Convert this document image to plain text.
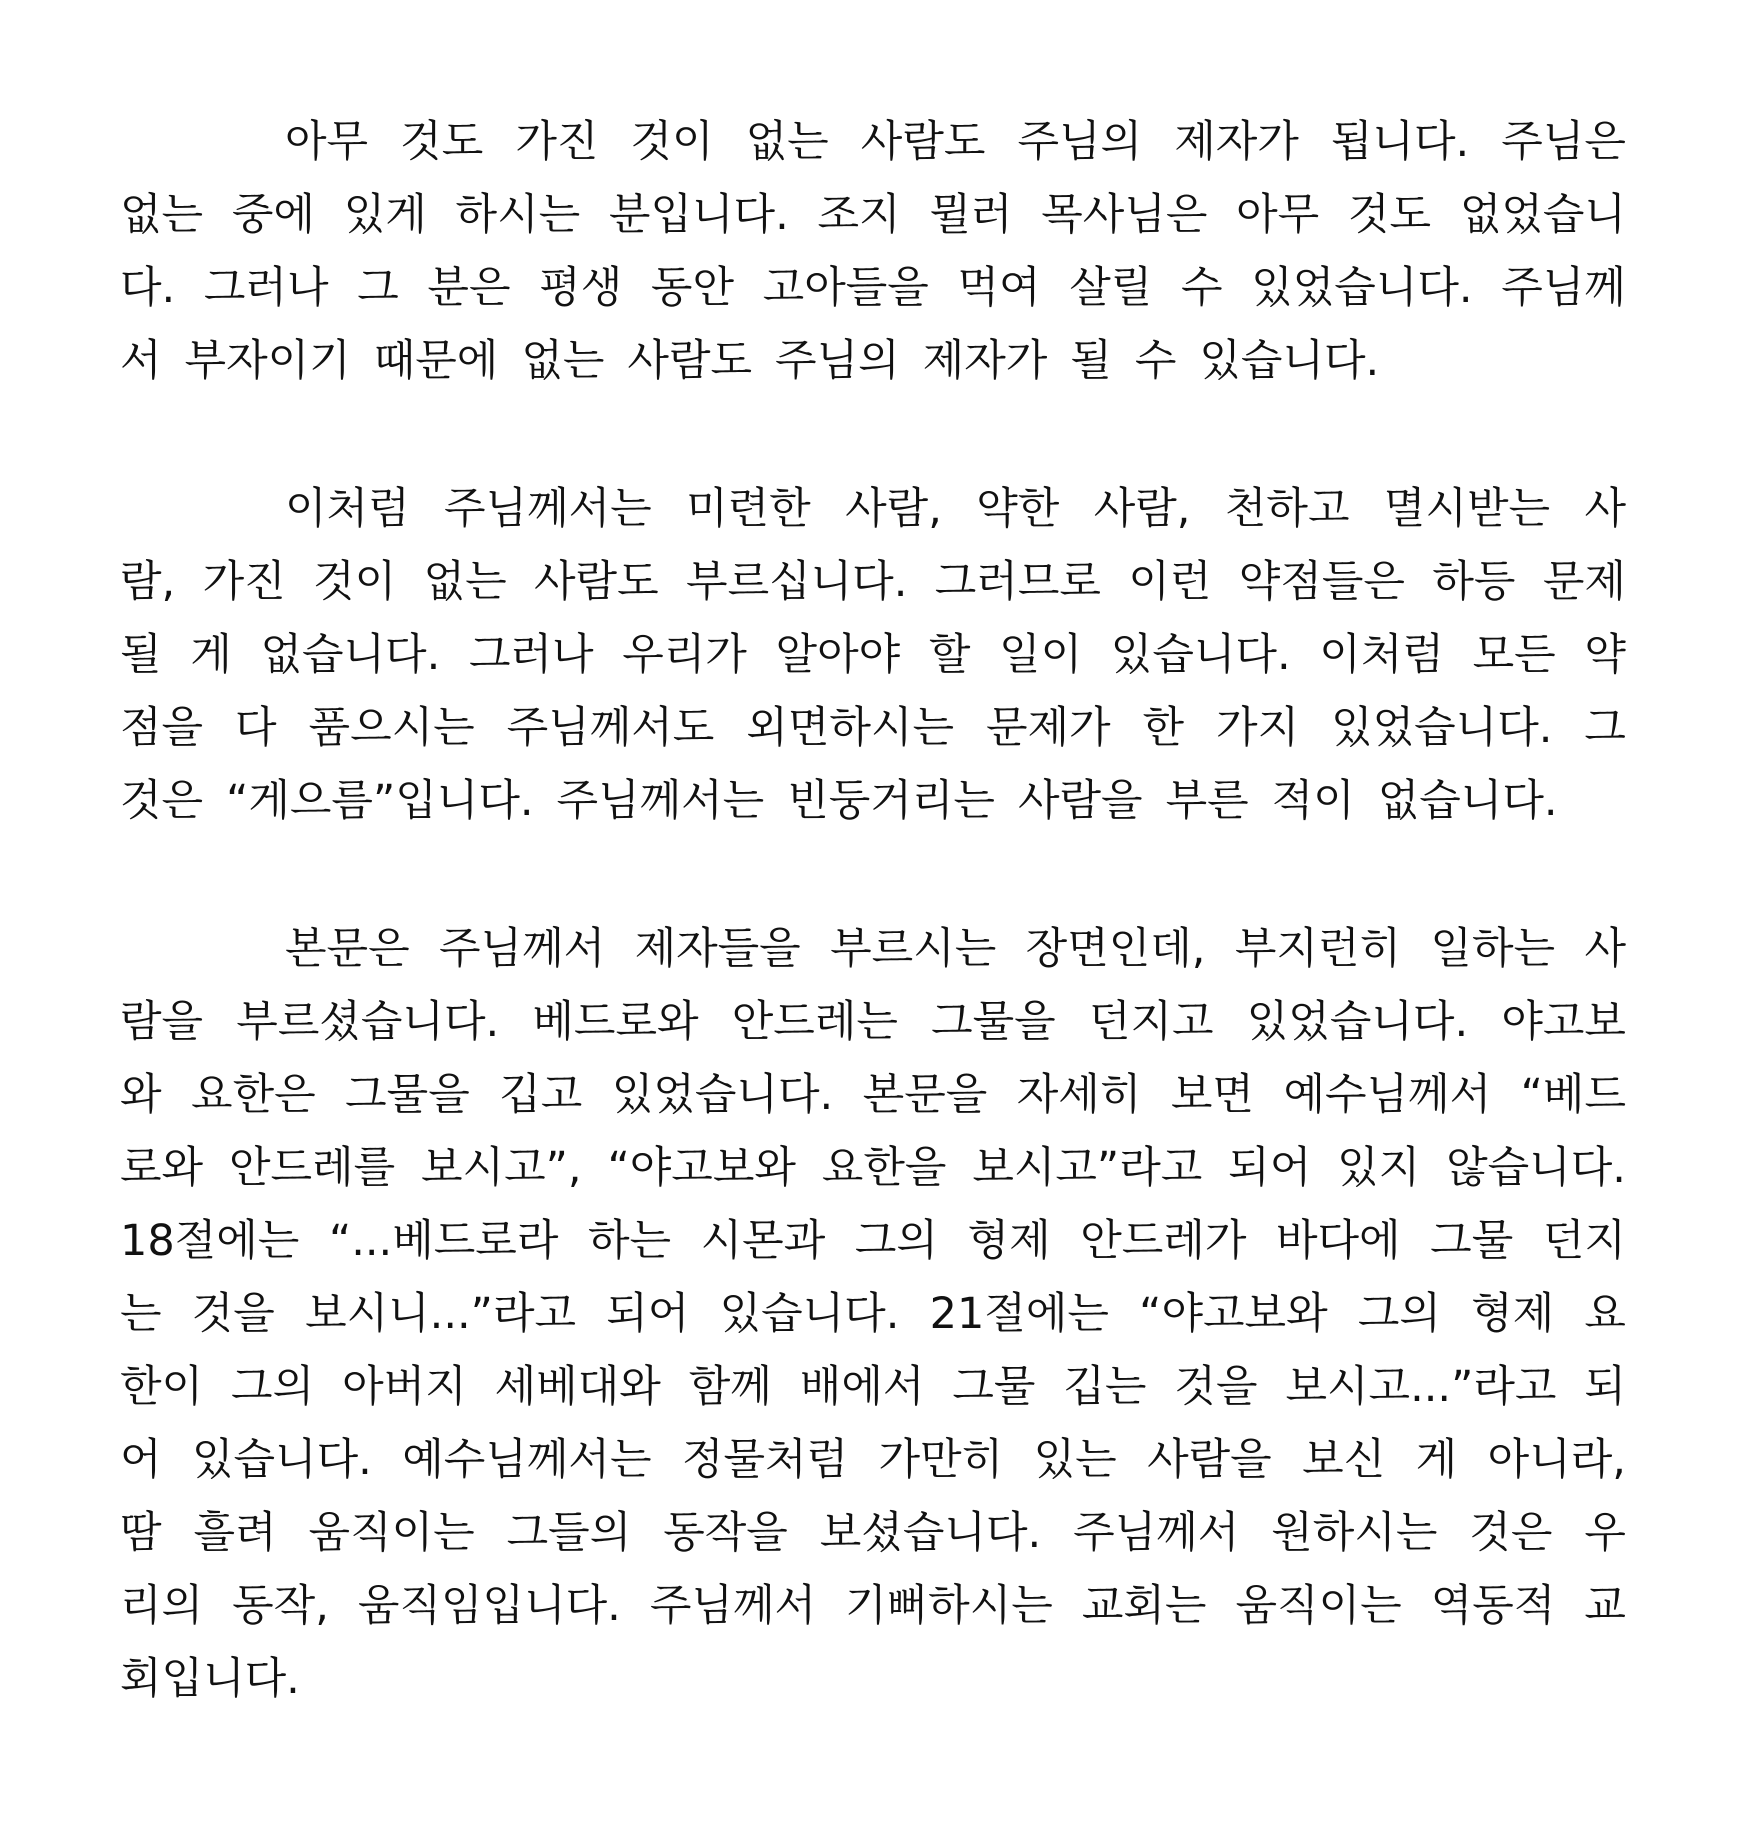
아무 것도 가진 것이 없는 사람도 주님의 제자가 됩니다. 주님은
없는 중에 있게 하시는 분입니다. 조지 뮐러 목사님은 아무 것도 없었습니
다. 그러나 그 분은 평생 동안 고아들을 먹여 살릴 수 있었습니다. 주님께
서 부자이기 때문에 없는 사람도 주님의 제자가 될 수 있습니다.
이처럼 주님께서는 미련한 사람, 약한 사람, 천하고 멸시받는 사
람, 가진 것이 없는 사람도 부르십니다. 그러므로 이런 약점들은 하등 문제
될 게 없습니다. 그러나 우리가 알아야 할 일이 있습니다. 이처럼 모든 약
점을 다 품으시는 주님께서도 외면하시는 문제가 한 가지 있었습니다. 그
것은 “게으름”입니다. 주님께서는 빈둥거리는 사람을 부른 적이 없습니다.
본문은 주님께서 제자들을 부르시는 장면인데, 부지런히 일하는 사
람을 부르셨습니다. 베드로와 안드레는 그물을 던지고 있었습니다. 야고보
와 요한은 그물을 깁고 있었습니다. 본문을 자세히 보면 예수님께서 “베드
로와 안드레를 보시고”, “야고보와 요한을 보시고”라고 되어 있지 않습니다.
18절에는 “...베드로라 하는 시몬과 그의 형제 안드레가 바다에 그물 던지
는 것을 보시니...”라고 되어 있습니다. 21절에는 “야고보와 그의 형제 요
한이 그의 아버지 세베대와 함께 배에서 그물 깁는 것을 보시고...”라고 되
어 있습니다. 예수님께서는 정물처럼 가만히 있는 사람을 보신 게 아니라,
땀 흘려 움직이는 그들의 동작을 보셨습니다. 주님께서 원하시는 것은 우
리의 동작, 움직임입니다. 주님께서 기뻐하시는 교회는 움직이는 역동적 교
회입니다.
